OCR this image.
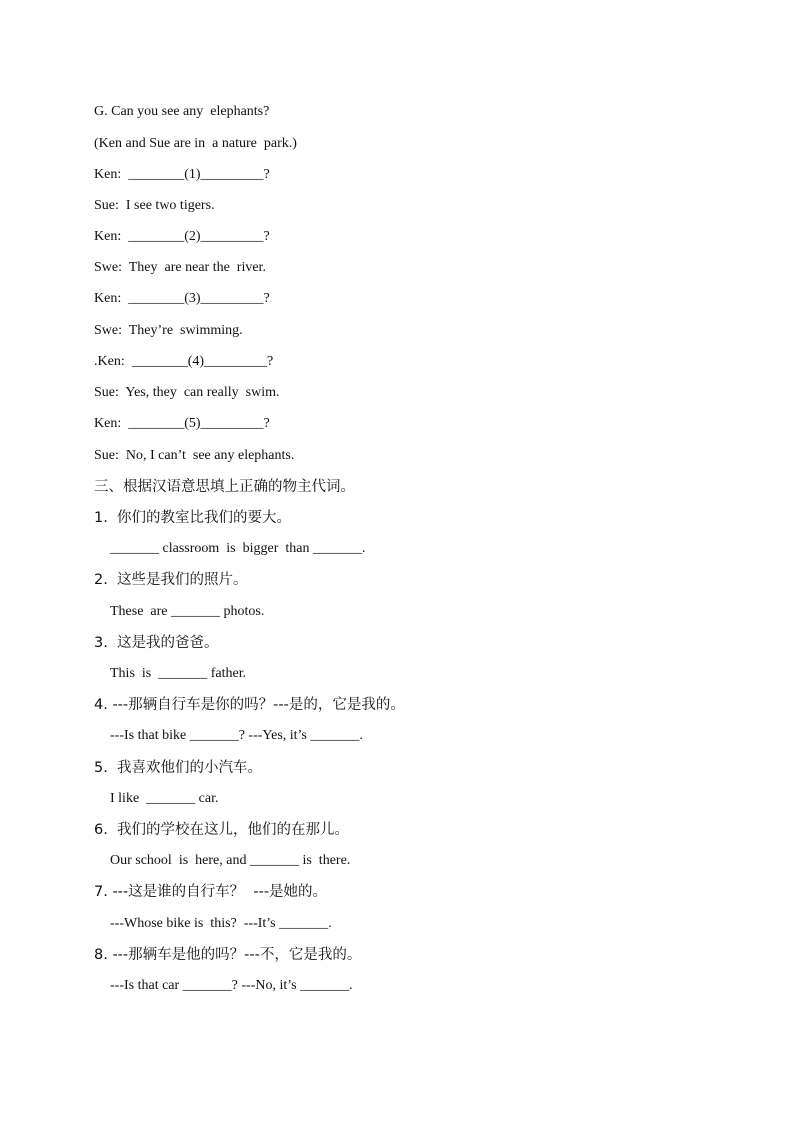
G. Can you see any  elephants?
(Ken and Sue are in  a nature  park.)
Ken:  ________(1)_________?
Sue:  I see two tigers.
Ken:  ________(2)_________?
Swe:  They  are near the  river.
Ken:  ________(3)_________?
Swe:  They’re  swimming.
.Ken:  ________(4)_________?
Sue:  Yes, they  can really  swim.
Ken:  ________(5)_________?
Sue:  No, I can’t  see any elephants.
三、根据汉语意思填上正确的物主代词。
1.  你们的教室比我们的要大。
_______ classroom  is  bigger  than _______.
2.  这些是我们的照片。
These  are _______ photos.
3.  这是我的爸爸。
This  is  _______ father.
4. ---那辆自行车是你的吗？---是的，它是我的。
---Is that bike _______? ---Yes, it’s _______.
5.  我喜欢他们的小汽车。
I like  _______ car.
6.  我们的学校在这儿，他们的在那儿。
Our school  is  here, and _______ is  there.
7. ---这是谁的自行车？  ---是她的。
---Whose bike is  this?  ---It’s _______.
8. ---那辆车是他的吗？---不，它是我的。
---Is that car _______? ---No, it’s _______.
